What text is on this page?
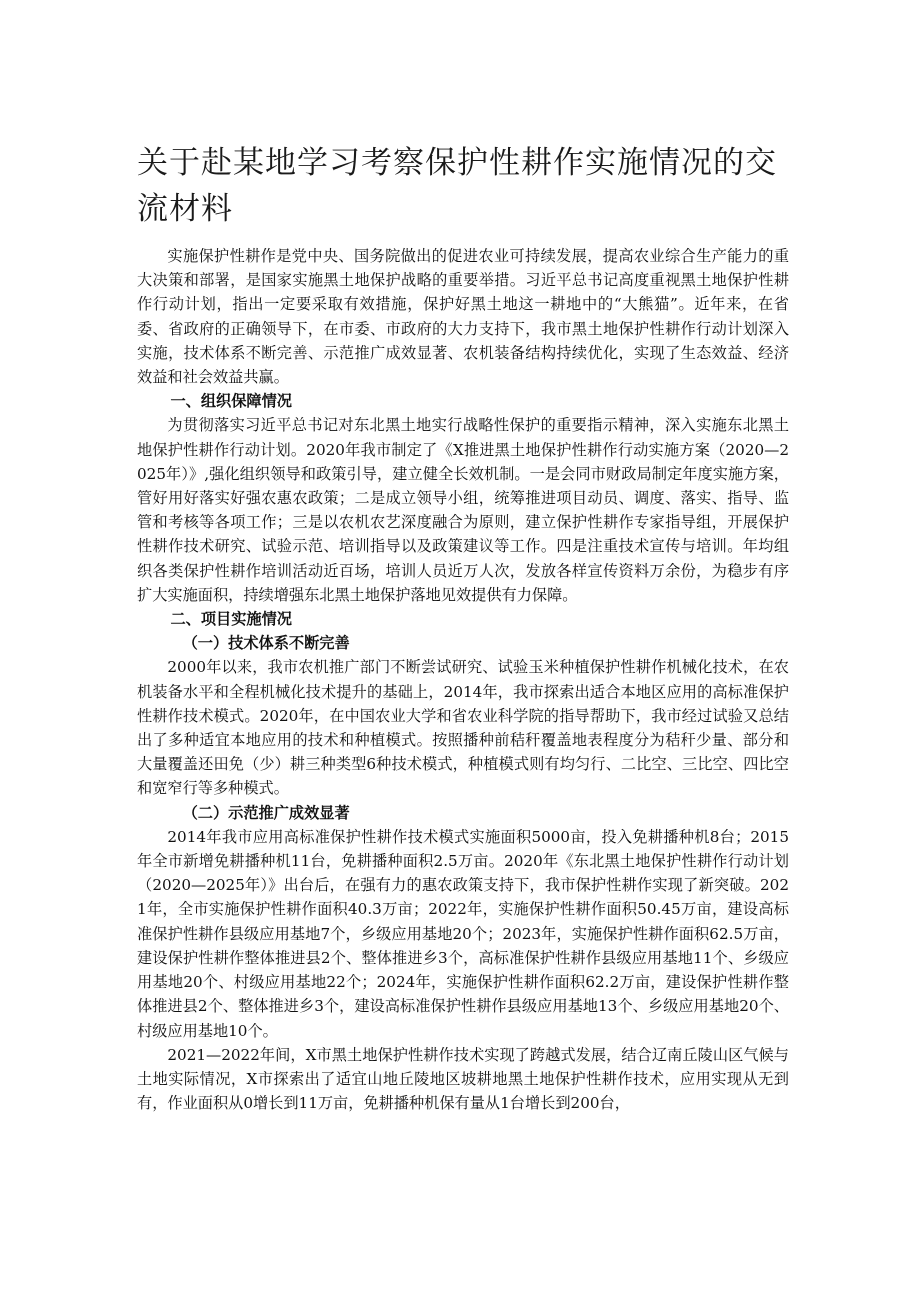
关于赴某地学习考察保护性耕作实施情况的交流材料

实施保护性耕作是党中央、国务院做出的促进农业可持续发展，提高农业综合生产能力的重大决策和部署，是国家实施黑土地保护战略的重要举措。习近平总书记高度重视黑土地保护性耕作行动计划，指出一定要采取有效措施，保护好黑土地这一耕地中的“大熊猫”。近年来，在省委、省政府的正确领导下，在市委、市政府的大力支持下，我市黑土地保护性耕作行动计划深入实施，技术体系不断完善、示范推广成效显著、农机装备结构持续优化，实现了生态效益、经济效益和社会效益共赢。

一、组织保障情况

为贯彻落实习近平总书记对东北黑土地实行战略性保护的重要指示精神，深入实施东北黑土地保护性耕作行动计划。2020年我市制定了《X推进黑土地保护性耕作行动实施方案（2020—2025年）》,强化组织领导和政策引导，建立健全长效机制。一是会同市财政局制定年度实施方案，管好用好落实好强农惠农政策；二是成立领导小组，统筹推进项目动员、调度、落实、指导、监管和考核等各项工作；三是以农机农艺深度融合为原则，建立保护性耕作专家指导组，开展保护性耕作技术研究、试验示范、培训指导以及政策建议等工作。四是注重技术宣传与培训。年均组织各类保护性耕作培训活动近百场，培训人员近万人次，发放各样宣传资料万余份，为稳步有序扩大实施面积，持续增强东北黑土地保护落地见效提供有力保障。

二、项目实施情况

（一）技术体系不断完善

2000年以来，我市农机推广部门不断尝试研究、试验玉米种植保护性耕作机械化技术，在农机装备水平和全程机械化技术提升的基础上，2014年，我市探索出适合本地区应用的高标准保护性耕作技术模式。2020年，在中国农业大学和省农业科学院的指导帮助下，我市经过试验又总结出了多种适宜本地应用的技术和种植模式。按照播种前秸秆覆盖地表程度分为秸秆少量、部分和大量覆盖还田免（少）耕三种类型6种技术模式，种植模式则有均匀行、二比空、三比空、四比空和宽窄行等多种模式。

（二）示范推广成效显著

2014年我市应用高标准保护性耕作技术模式实施面积5000亩，投入免耕播种机8台；2015年全市新增免耕播种机11台，免耕播种面积2.5万亩。2020年《东北黑土地保护性耕作行动计划（2020—2025年）》出台后，在强有力的惠农政策支持下，我市保护性耕作实现了新突破。2021年，全市实施保护性耕作面积40.3万亩；2022年，实施保护性耕作面积50.45万亩，建设高标准保护性耕作县级应用基地7个，乡级应用基地20个；2023年，实施保护性耕作面积62.5万亩，建设保护性耕作整体推进县2个、整体推进乡3个，高标准保护性耕作县级应用基地11个、乡级应用基地20个、村级应用基地22个；2024年，实施保护性耕作面积62.2万亩，建设保护性耕作整体推进县2个、整体推进乡3个，建设高标准保护性耕作县级应用基地13个、乡级应用基地20个、村级应用基地10个。

2021—2022年间，X市黑土地保护性耕作技术实现了跨越式发展，结合辽南丘陵山区气候与土地实际情况，X市探索出了适宜山地丘陵地区坡耕地黑土地保护性耕作技术，应用实现从无到有，作业面积从0增长到11万亩，免耕播种机保有量从1台增长到200台，
